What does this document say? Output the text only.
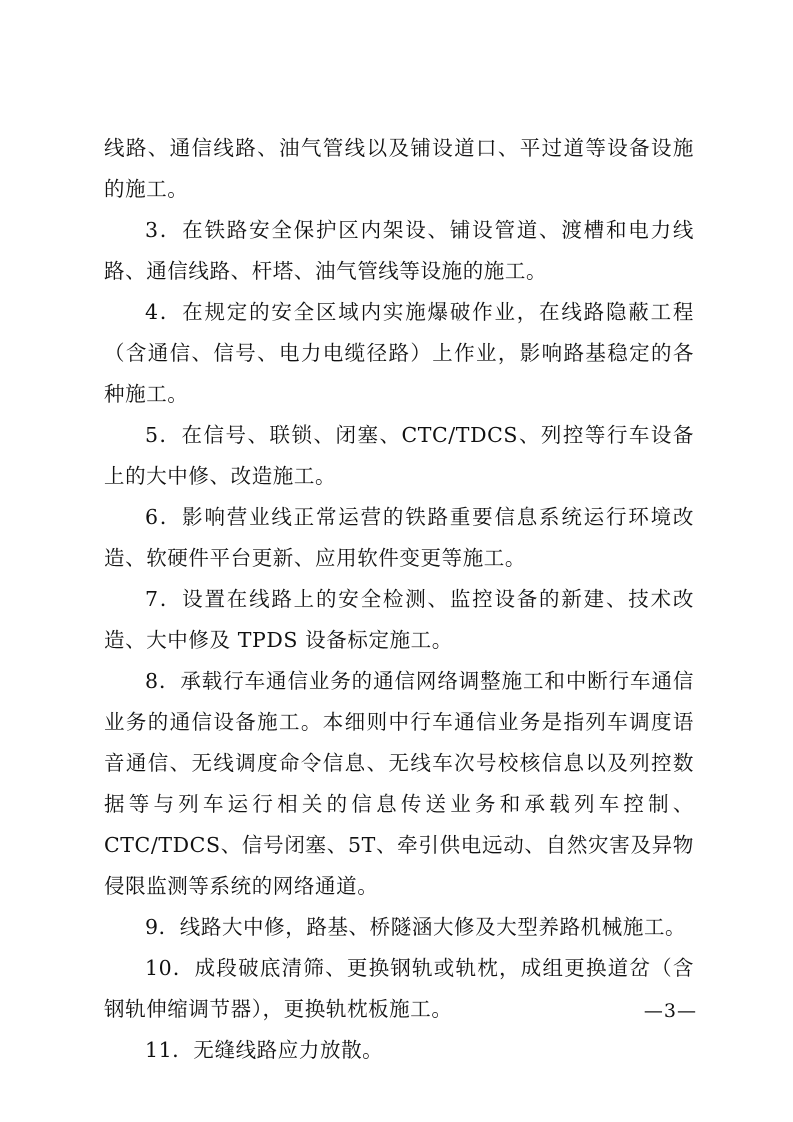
线路、通信线路、油气管线以及铺设道口、平过道等设备设施的施工。

3．在铁路安全保护区内架设、铺设管道、渡槽和电力线路、通信线路、杆塔、油气管线等设施的施工。

4．在规定的安全区域内实施爆破作业，在线路隐蔽工程（含通信、信号、电力电缆径路）上作业，影响路基稳定的各种施工。

5．在信号、联锁、闭塞、CTC/TDCS、列控等行车设备上的大中修、改造施工。

6．影响营业线正常运营的铁路重要信息系统运行环境改造、软硬件平台更新、应用软件变更等施工。

7．设置在线路上的安全检测、监控设备的新建、技术改造、大中修及 TPDS 设备标定施工。

8．承载行车通信业务的通信网络调整施工和中断行车通信业务的通信设备施工。本细则中行车通信业务是指列车调度语音通信、无线调度命令信息、无线车次号校核信息以及列控数据等与列车运行相关的信息传送业务和承载列车控制、CTC/TDCS、信号闭塞、5T、牵引供电远动、自然灾害及异物侵限监测等系统的网络通道。

9．线路大中修，路基、桥隧涵大修及大型养路机械施工。

10．成段破底清筛、更换钢轨或轨枕，成组更换道岔（含钢轨伸缩调节器），更换轨枕板施工。

11．无缝线路应力放散。

—3—
